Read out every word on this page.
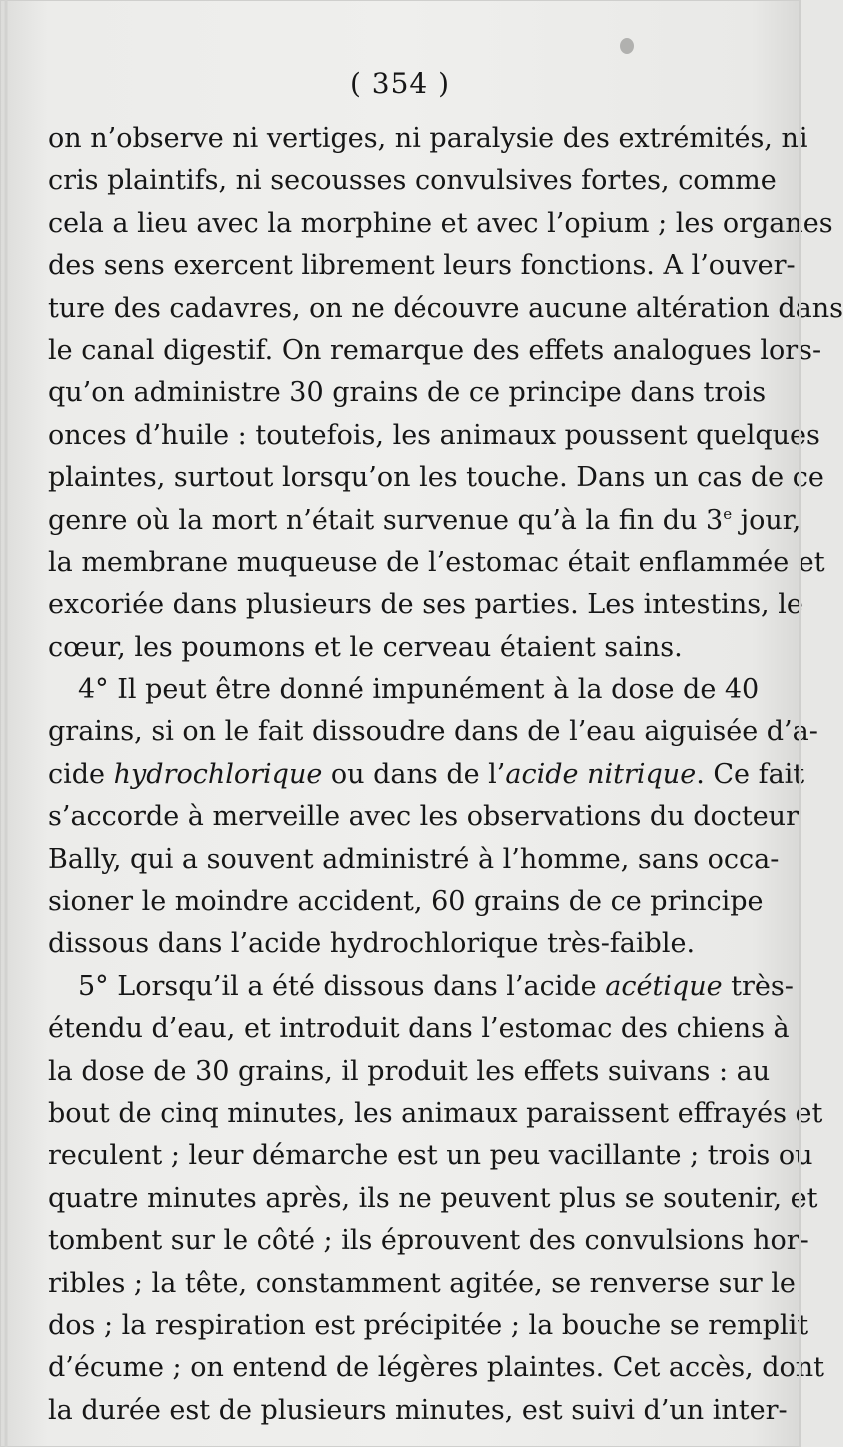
( 354 )
on n’observe ni vertiges, ni paralysie des extrémités, ni
cris plaintifs, ni secousses convulsives fortes, comme
cela a lieu avec la morphine et avec l’opium ; les organes
des sens exercent librement leurs fonctions. A l’ouver-
ture des cadavres, on ne découvre aucune altération dans
le canal digestif. On remarque des effets analogues lors-
qu’on administre 30 grains de ce principe dans trois
onces d’huile : toutefois, les animaux poussent quelques
plaintes, surtout lorsqu’on les touche. Dans un cas de ce
genre où la mort n’était survenue qu’à la fin du 3e jour,
la membrane muqueuse de l’estomac était enflammée et
excoriée dans plusieurs de ses parties. Les intestins, le
cœur, les poumons et le cerveau étaient sains.
4° Il peut être donné impunément à la dose de 40
grains, si on le fait dissoudre dans de l’eau aiguisée d’a-
cide hydrochlorique ou dans de l’acide nitrique. Ce fait
s’accorde à merveille avec les observations du docteur
Bally, qui a souvent administré à l’homme, sans occa-
sioner le moindre accident, 60 grains de ce principe
dissous dans l’acide hydrochlorique très-faible.
5° Lorsqu’il a été dissous dans l’acide acétique très-
étendu d’eau, et introduit dans l’estomac des chiens à
la dose de 30 grains, il produit les effets suivans : au
bout de cinq minutes, les animaux paraissent effrayés et
reculent ; leur démarche est un peu vacillante ; trois ou
quatre minutes après, ils ne peuvent plus se soutenir, et
tombent sur le côté ; ils éprouvent des convulsions hor-
ribles ; la tête, constamment agitée, se renverse sur le
dos ; la respiration est précipitée ; la bouche se remplit
d’écume ; on entend de légères plaintes. Cet accès, dont
la durée est de plusieurs minutes, est suivi d’un inter-
